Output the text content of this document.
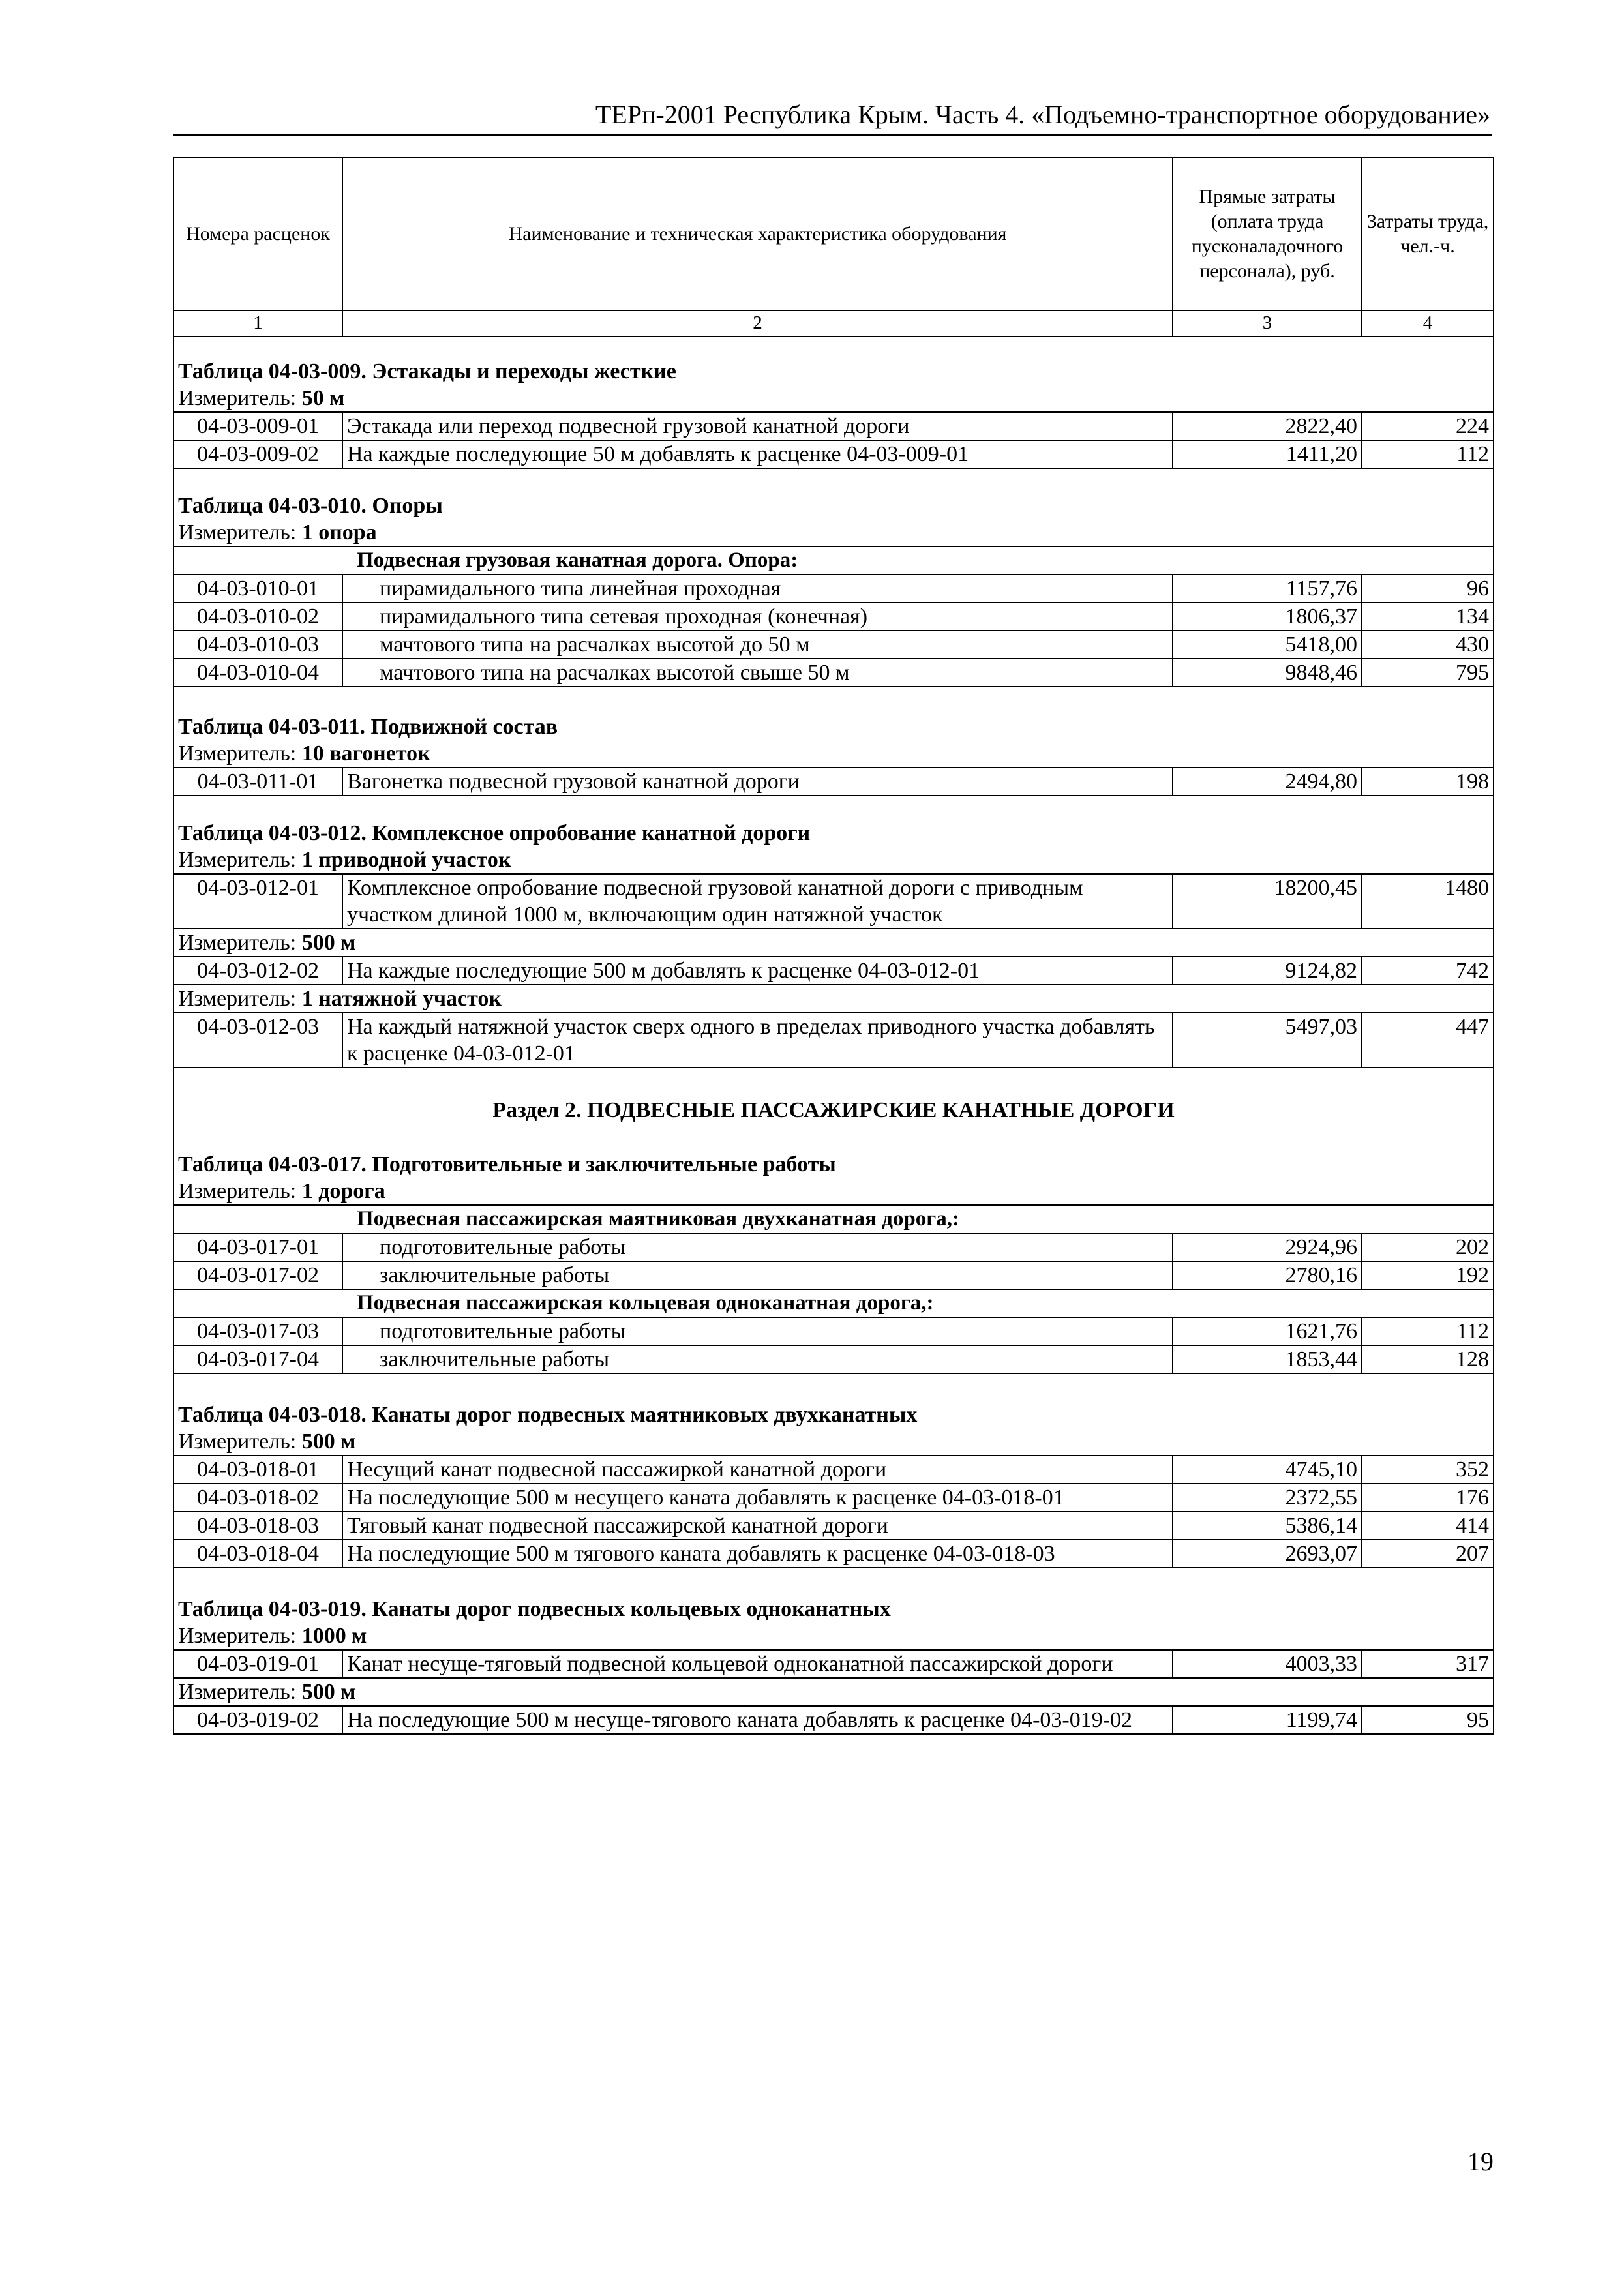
ТЕРп-2001 Республика Крым. Часть 4. «Подъемно-транспортное оборудование»
Номера расценок	Наименование и техническая характеристика оборудования	Прямые затраты (оплата труда пусконаладочного персонала), руб.	Затраты труда, чел.-ч.
1	2	3	4

Таблица 04-03-009. Эстакады и переходы жесткие			
Измеритель: 50 м			
04-03-009-01	Эстакада или переход подвесной грузовой канатной дороги	2822,40	224
04-03-009-02	На каждые последующие 50 м добавлять к расценке 04-03-009-01	1411,20	112

Таблица 04-03-010. Опоры			
Измеритель: 1 опора			
Подвесная грузовая канатная дорога. Опора:			
04-03-010-01	пирамидального типа линейная проходная	1157,76	96
04-03-010-02	пирамидального типа сетевая проходная (конечная)	1806,37	134
04-03-010-03	мачтового типа на расчалках высотой до 50 м	5418,00	430
04-03-010-04	мачтового типа на расчалках высотой свыше 50 м	9848,46	795

Таблица 04-03-011. Подвижной состав			
Измеритель: 10 вагонеток			
04-03-011-01	Вагонетка подвесной грузовой канатной дороги	2494,80	198

Таблица 04-03-012. Комплексное опробование канатной дороги			
Измеритель: 1 приводной участок			
04-03-012-01	Комплексное опробование подвесной грузовой канатной дороги с приводным участком длиной 1000 м, включающим один натяжной участок	18200,45	1480
Измеритель: 500 м			
04-03-012-02	На каждые последующие 500 м добавлять к расценке 04-03-012-01	9124,82	742
Измеритель: 1 натяжной участок			
04-03-012-03	На каждый натяжной участок сверх одного в пределах приводного участка добавлять к расценке 04-03-012-01	5497,03	447

Раздел 2. ПОДВЕСНЫЕ ПАССАЖИРСКИЕ КАНАТНЫЕ ДОРОГИ			

Таблица 04-03-017. Подготовительные и заключительные работы			
Измеритель: 1 дорога			
Подвесная пассажирская маятниковая двухканатная дорога,:			
04-03-017-01	подготовительные работы	2924,96	202
04-03-017-02	заключительные работы	2780,16	192
Подвесная пассажирская кольцевая одноканатная дорога,:			
04-03-017-03	подготовительные работы	1621,76	112
04-03-017-04	заключительные работы	1853,44	128

Таблица 04-03-018. Канаты дорог подвесных маятниковых двухканатных			
Измеритель: 500 м			
04-03-018-01	Несущий канат подвесной пассажиркой канатной дороги	4745,10	352
04-03-018-02	На последующие 500 м несущего каната добавлять к расценке 04-03-018-01	2372,55	176
04-03-018-03	Тяговый канат подвесной пассажирской канатной дороги	5386,14	414
04-03-018-04	На последующие 500 м тягового каната добавлять к расценке 04-03-018-03	2693,07	207

Таблица 04-03-019. Канаты дорог подвесных кольцевых одноканатных			
Измеритель: 1000 м			
04-03-019-01	Канат несуще-тяговый подвесной кольцевой одноканатной пассажирской дороги	4003,33	317
Измеритель: 500 м			
04-03-019-02	На последующие 500 м несуще-тягового каната добавлять к расценке 04-03-019-02	1199,74	95
19
